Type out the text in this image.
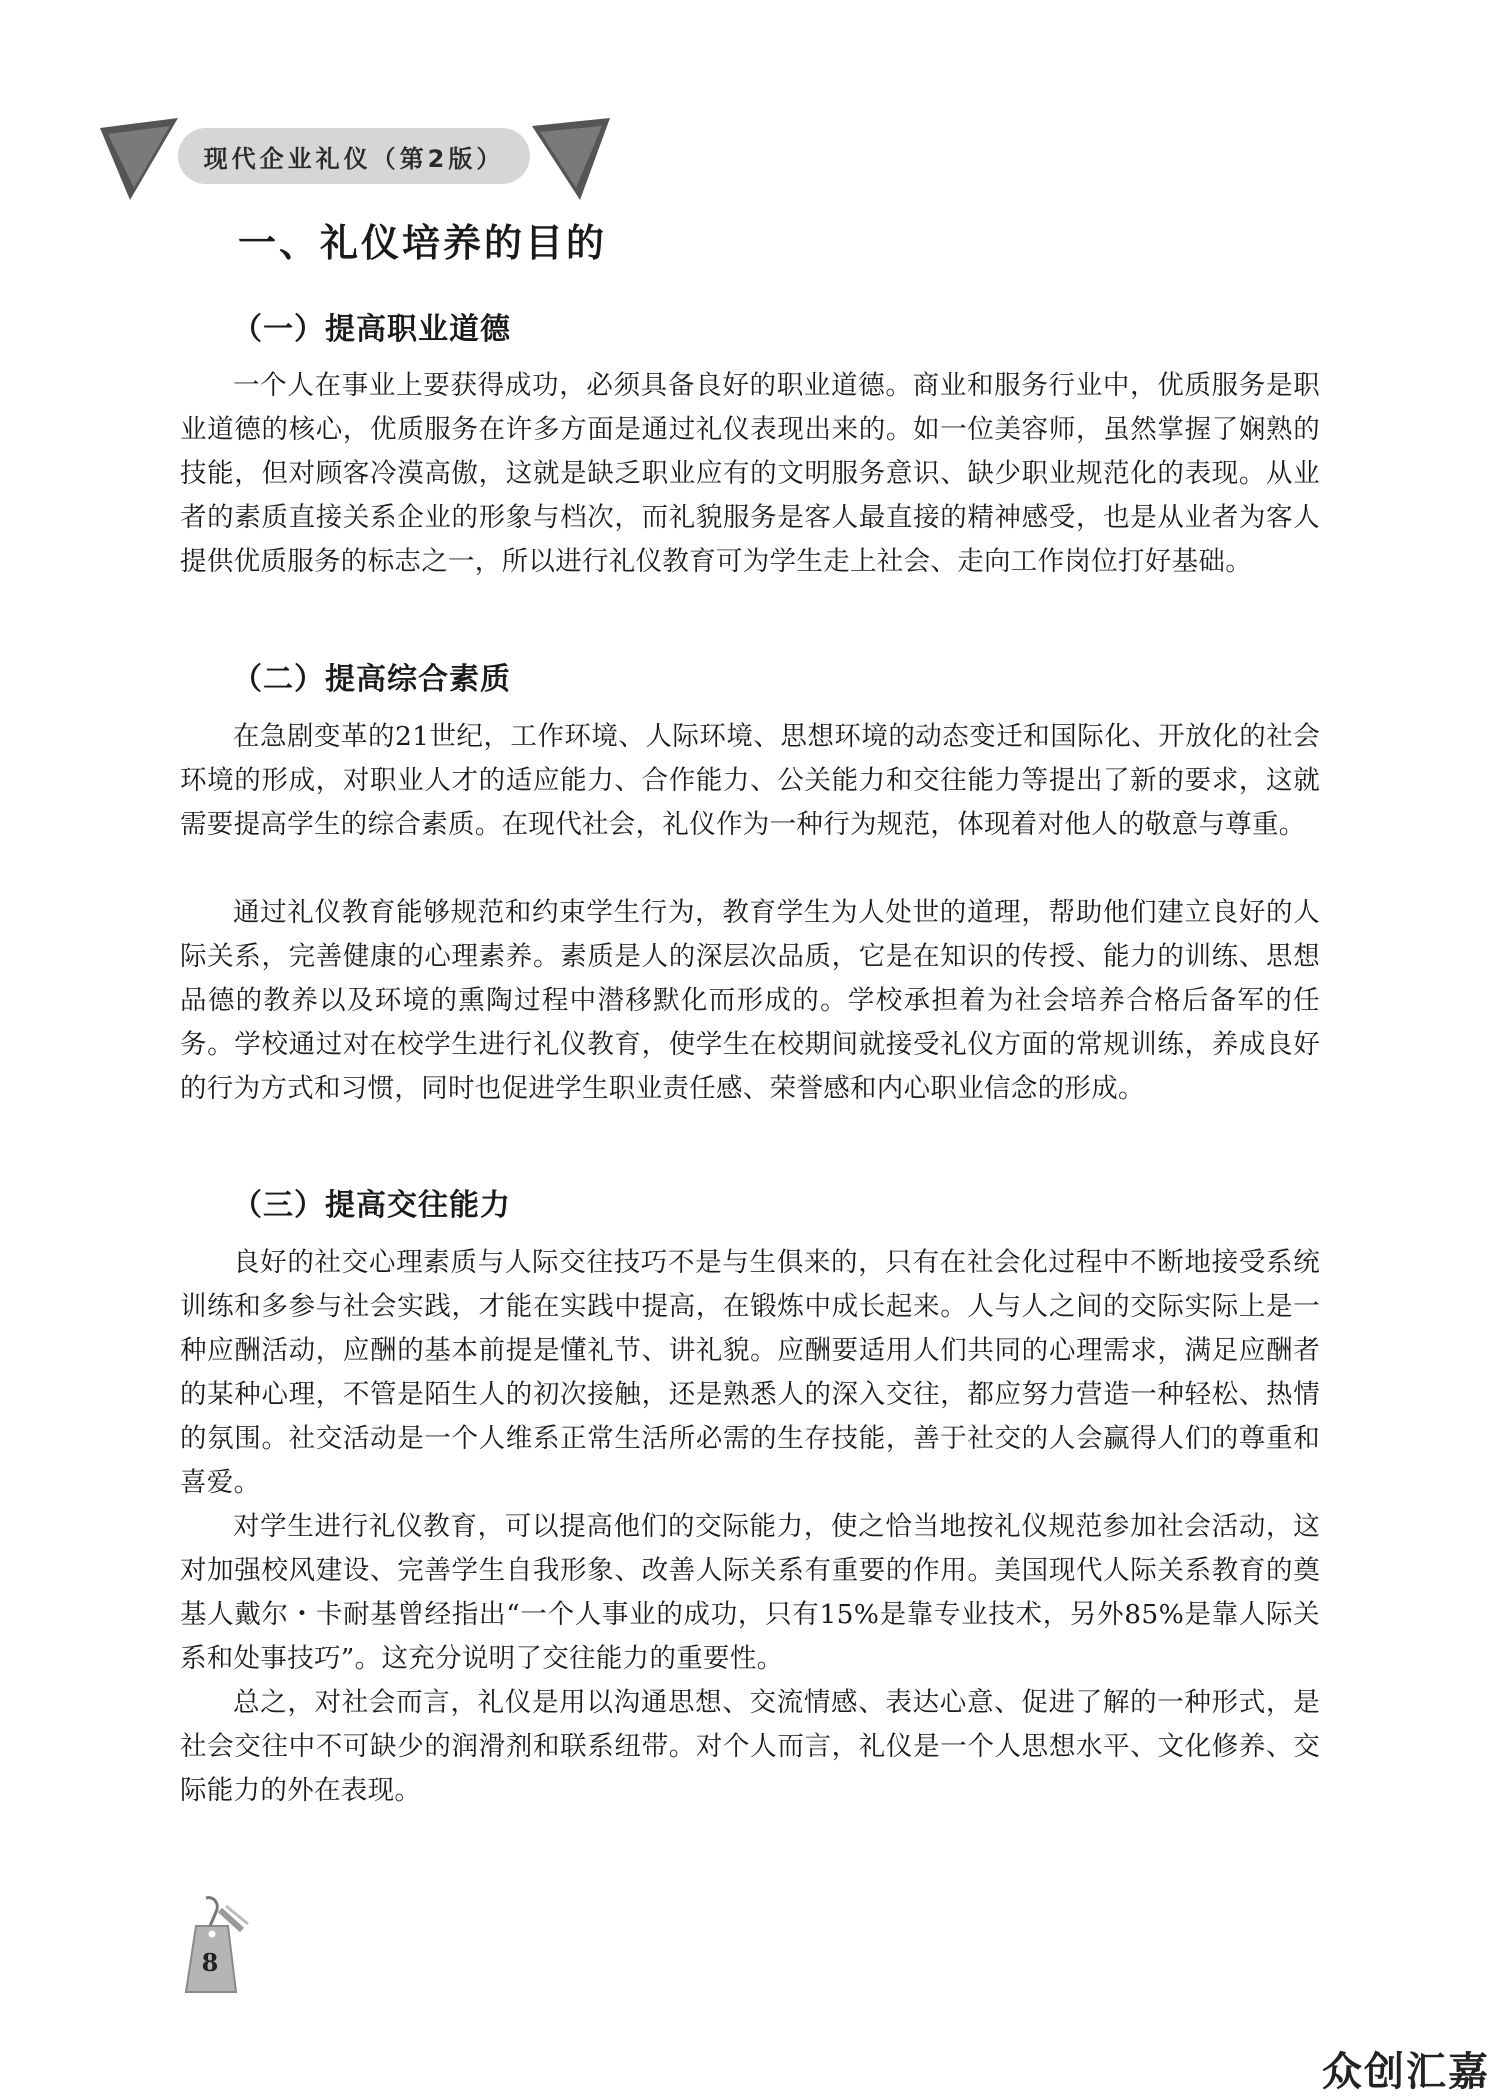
现代企业礼仪（第2版）
一、礼仪培养的目的
（一）提高职业道德

一个人在事业上要获得成功，必须具备良好的职业道德。商业和服务行业中，优质服务是职业道德的核心，优质服务在许多方面是通过礼仪表现出来的。如一位美容师，虽然掌握了娴熟的技能，但对顾客冷漠高傲，这就是缺乏职业应有的文明服务意识、缺少职业规范化的表现。从业者的素质直接关系企业的形象与档次，而礼貌服务是客人最直接的精神感受，也是从业者为客人提供优质服务的标志之一，所以进行礼仪教育可为学生走上社会、走向工作岗位打好基础。

（二）提高综合素质

在急剧变革的21世纪，工作环境、人际环境、思想环境的动态变迁和国际化、开放化的社会环境的形成，对职业人才的适应能力、合作能力、公关能力和交往能力等提出了新的要求，这就需要提高学生的综合素质。在现代社会，礼仪作为一种行为规范，体现着对他人的敬意与尊重。

通过礼仪教育能够规范和约束学生行为，教育学生为人处世的道理，帮助他们建立良好的人际关系，完善健康的心理素养。素质是人的深层次品质，它是在知识的传授、能力的训练、思想品德的教养以及环境的熏陶过程中潜移默化而形成的。学校承担着为社会培养合格后备军的任务。学校通过对在校学生进行礼仪教育，使学生在校期间就接受礼仪方面的常规训练，养成良好的行为方式和习惯，同时也促进学生职业责任感、荣誉感和内心职业信念的形成。

（三）提高交往能力

良好的社交心理素质与人际交往技巧不是与生俱来的，只有在社会化过程中不断地接受系统训练和多参与社会实践，才能在实践中提高，在锻炼中成长起来。人与人之间的交际实际上是一种应酬活动，应酬的基本前提是懂礼节、讲礼貌。应酬要适用人们共同的心理需求，满足应酬者的某种心理，不管是陌生人的初次接触，还是熟悉人的深入交往，都应努力营造一种轻松、热情的氛围。社交活动是一个人维系正常生活所必需的生存技能，善于社交的人会赢得人们的尊重和喜爱。

对学生进行礼仪教育，可以提高他们的交际能力，使之恰当地按礼仪规范参加社会活动，这对加强校风建设、完善学生自我形象、改善人际关系有重要的作用。美国现代人际关系教育的奠基人戴尔・卡耐基曾经指出“一个人事业的成功，只有15%是靠专业技术，另外85%是靠人际关系和处事技巧”。这充分说明了交往能力的重要性。

总之，对社会而言，礼仪是用以沟通思想、交流情感、表达心意、促进了解的一种形式，是社会交往中不可缺少的润滑剂和联系纽带。对个人而言，礼仪是一个人思想水平、文化修养、交际能力的外在表现。

8
众创汇嘉
